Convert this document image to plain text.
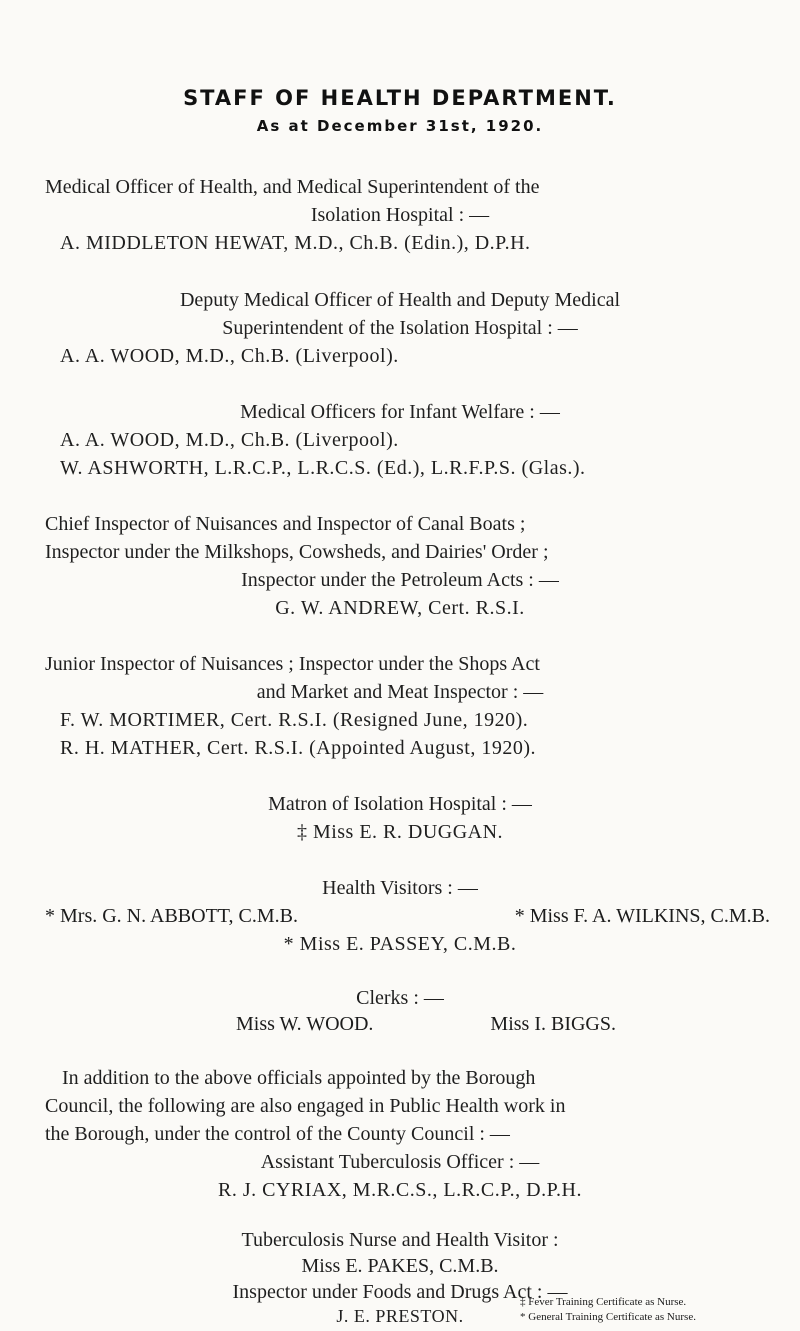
STAFF OF HEALTH DEPARTMENT.
As at December 31st, 1920.
Medical Officer of Health, and Medical Superintendent of the
Isolation Hospital : —
A. MIDDLETON HEWAT, M.D., Ch.B. (Edin.), D.P.H.
Deputy Medical Officer of Health and Deputy Medical
Superintendent of the Isolation Hospital : —
A. A. WOOD, M.D., Ch.B. (Liverpool).
Medical Officers for Infant Welfare : —
A. A. WOOD, M.D., Ch.B. (Liverpool).
W. ASHWORTH, L.R.C.P., L.R.C.S. (Ed.), L.R.F.P.S. (Glas.).
Chief Inspector of Nuisances and Inspector of Canal Boats ;
Inspector under the Milkshops, Cowsheds, and Dairies' Order ;
Inspector under the Petroleum Acts : —
G. W. ANDREW, Cert. R.S.I.
Junior Inspector of Nuisances ; Inspector under the Shops Act
and Market and Meat Inspector : —
F. W. MORTIMER, Cert. R.S.I. (Resigned June, 1920).
R. H. MATHER, Cert. R.S.I. (Appointed August, 1920).
Matron of Isolation Hospital : —
‡ Miss E. R. DUGGAN.
Health Visitors : —
* Mrs. G. N. ABBOTT, C.M.B.	* Miss F. A. WILKINS, C.M.B.
* Miss E. PASSEY, C.M.B.
Clerks : —
Miss W. WOOD.	Miss I. BIGGS.
In addition to the above officials appointed by the Borough
Council, the following are also engaged in Public Health work in
the Borough, under the control of the County Council : —
Assistant Tuberculosis Officer : —
R. J. CYRIAX, M.R.C.S., L.R.C.P., D.P.H.
Tuberculosis Nurse and Health Visitor :
Miss E. PAKES, C.M.B.
Inspector under Foods and Drugs Act : —
J. E. PRESTON.
‡ Fever Training Certificate as Nurse.
* General Training Certificate as Nurse.
